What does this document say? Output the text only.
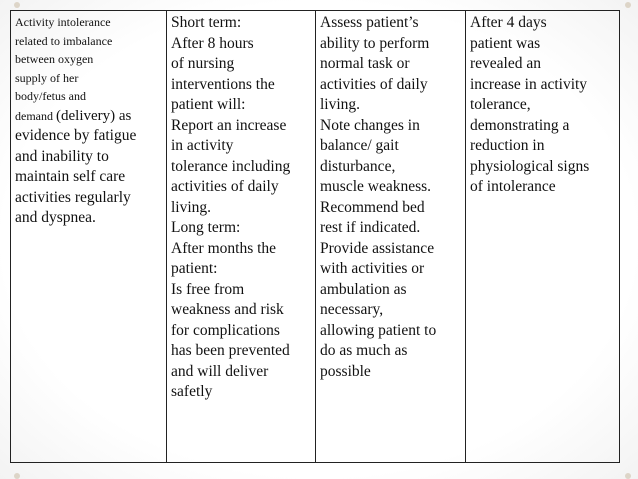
Activity intolerance
related to imbalance
between oxygen
supply of her
body/fetus and
demand (delivery) as
evidence by fatigue
and inability to
maintain self care
activities regularly
and dyspnea.

Short term:
After 8 hours
of nursing
interventions the
patient will:
Report an increase
in activity
tolerance including
activities of daily
living.
Long term:
After months the
patient:
Is free from
weakness and risk
for complications
has been prevented
and will deliver
safetly

Assess patient’s
ability to perform
normal task or
activities of daily
living.
Note changes in
balance/ gait
disturbance,
muscle weakness.
Recommend bed
rest if indicated.
Provide assistance
with activities or
ambulation as
necessary,
allowing patient to
do as much as
possible

After 4 days
patient was
revealed an
increase in activity
tolerance,
demonstrating a
reduction in
physiological signs
of intolerance
